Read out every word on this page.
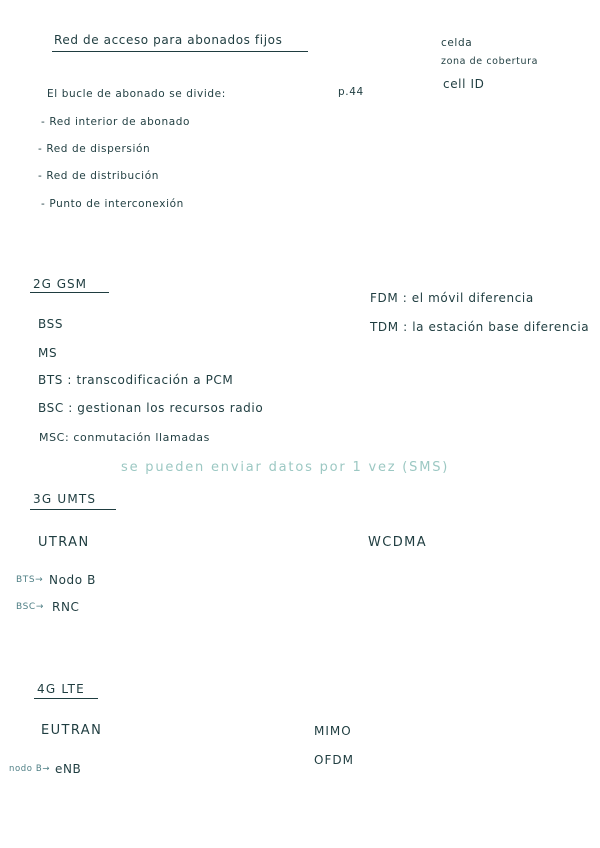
Red de acceso para abonados fijos	celda
zona de cobertura
cell ID
El bucle de abonado se divide:	p.44
- Red interior de abonado
- Red de dispersión
- Red de distribución
- Punto de interconexión
2G GSM
FDM : el móvil diferencia
TDM : la estación base diferencia
BSS
MS
BTS : transcodificación a PCM
BSC : gestionan los recursos radio
MSC: conmutación llamadas
se pueden enviar datos por 1 vez (SMS)
3G UMTS
UTRAN	WCDMA
BTS→ Nodo B
BSC→ RNC
4G LTE
EUTRAN	MIMO
OFDM
nodo B→ eNB
